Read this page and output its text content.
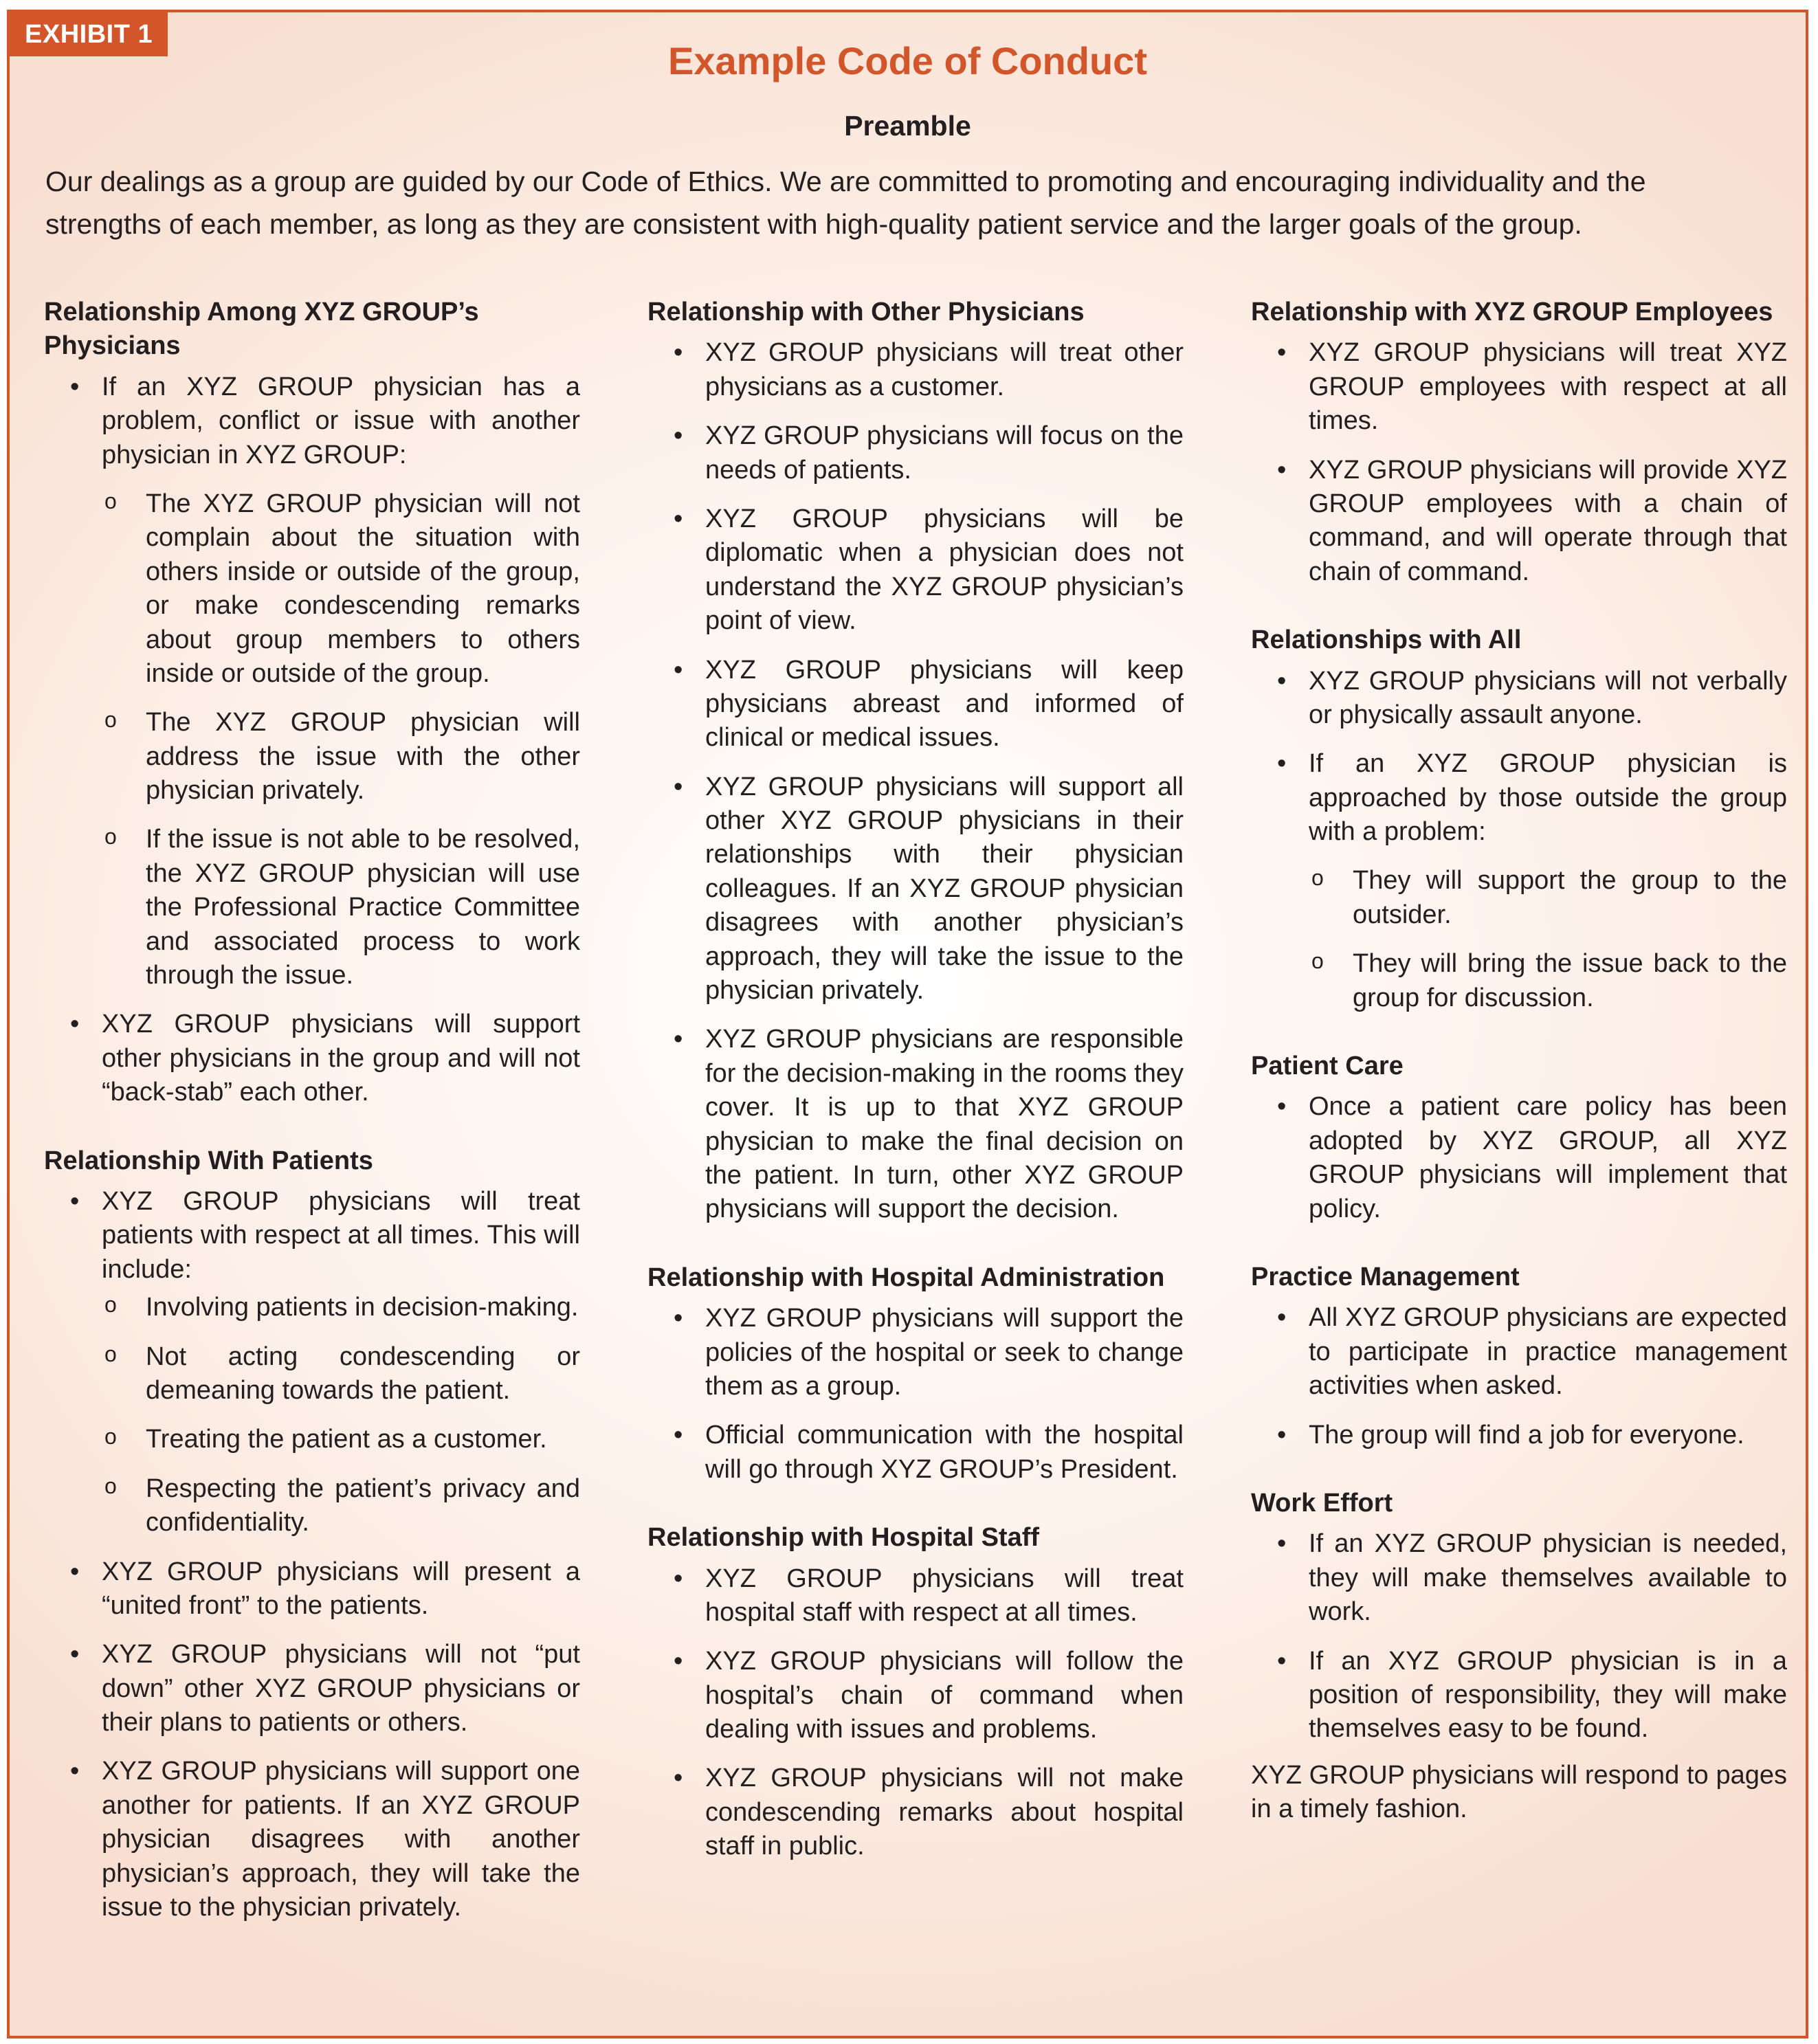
EXHIBIT 1
Example Code of Conduct
Preamble

Our dealings as a group are guided by our Code of Ethics. We are committed to promoting and encouraging individuality and the strengths of each member, as long as they are consistent with high-quality patient service and the larger goals of the group.

Relationship Among XYZ GROUP’s Physicians
• If an XYZ GROUP physician has a problem, conflict or issue with another physician in XYZ GROUP:
o The XYZ GROUP physician will not complain about the situation with others inside or outside of the group, or make condescending remarks about group members to others inside or outside of the group.
o The XYZ GROUP physician will address the issue with the other physician privately.
o If the issue is not able to be resolved, the XYZ GROUP physician will use the Professional Practice Committee and associated process to work through the issue.
• XYZ GROUP physicians will support other physicians in the group and will not “back-stab” each other.
Relationship With Patients
• XYZ GROUP physicians will treat patients with respect at all times. This will include:
o Involving patients in decision-making.
o Not acting condescending or demeaning towards the patient.
o Treating the patient as a customer.
o Respecting the patient’s privacy and confidentiality.
• XYZ GROUP physicians will present a “united front” to the patients.
• XYZ GROUP physicians will not “put down” other XYZ GROUP physicians or their plans to patients or others.
• XYZ GROUP physicians will support one another for patients. If an XYZ GROUP physician disagrees with another physician’s approach, they will take the issue to the physician privately.
Relationship with Other Physicians
• XYZ GROUP physicians will treat other physicians as a customer.
• XYZ GROUP physicians will focus on the needs of patients.
• XYZ GROUP physicians will be diplomatic when a physician does not understand the XYZ GROUP physician’s point of view.
• XYZ GROUP physicians will keep physicians abreast and informed of clinical or medical issues.
• XYZ GROUP physicians will support all other XYZ GROUP physicians in their relationships with their physician colleagues. If an XYZ GROUP physician disagrees with another physician’s approach, they will take the issue to the physician privately.
• XYZ GROUP physicians are responsible for the decision-making in the rooms they cover. It is up to that XYZ GROUP physician to make the final decision on the patient. In turn, other XYZ GROUP physicians will support the decision.
Relationship with Hospital Administration
• XYZ GROUP physicians will support the policies of the hospital or seek to change them as a group.
• Official communication with the hospital will go through XYZ GROUP’s President.
Relationship with Hospital Staff
• XYZ GROUP physicians will treat hospital staff with respect at all times.
• XYZ GROUP physicians will follow the hospital’s chain of command when dealing with issues and problems.
• XYZ GROUP physicians will not make condescending remarks about hospital staff in public.
Relationship with XYZ GROUP Employees
• XYZ GROUP physicians will treat XYZ GROUP employees with respect at all times.
• XYZ GROUP physicians will provide XYZ GROUP employees with a chain of command, and will operate through that chain of command.
Relationships with All
• XYZ GROUP physicians will not verbally or physically assault anyone.
• If an XYZ GROUP physician is approached by those outside the group with a problem:
o They will support the group to the outsider.
o They will bring the issue back to the group for discussion.
Patient Care
• Once a patient care policy has been adopted by XYZ GROUP, all XYZ GROUP physicians will implement that policy.
Practice Management
• All XYZ GROUP physicians are expected to participate in practice management activities when asked.
• The group will find a job for everyone.
Work Effort
• If an XYZ GROUP physician is needed, they will make themselves available to work.
• If an XYZ GROUP physician is in a position of responsibility, they will make themselves easy to be found.

XYZ GROUP physicians will respond to pages in a timely fashion.
